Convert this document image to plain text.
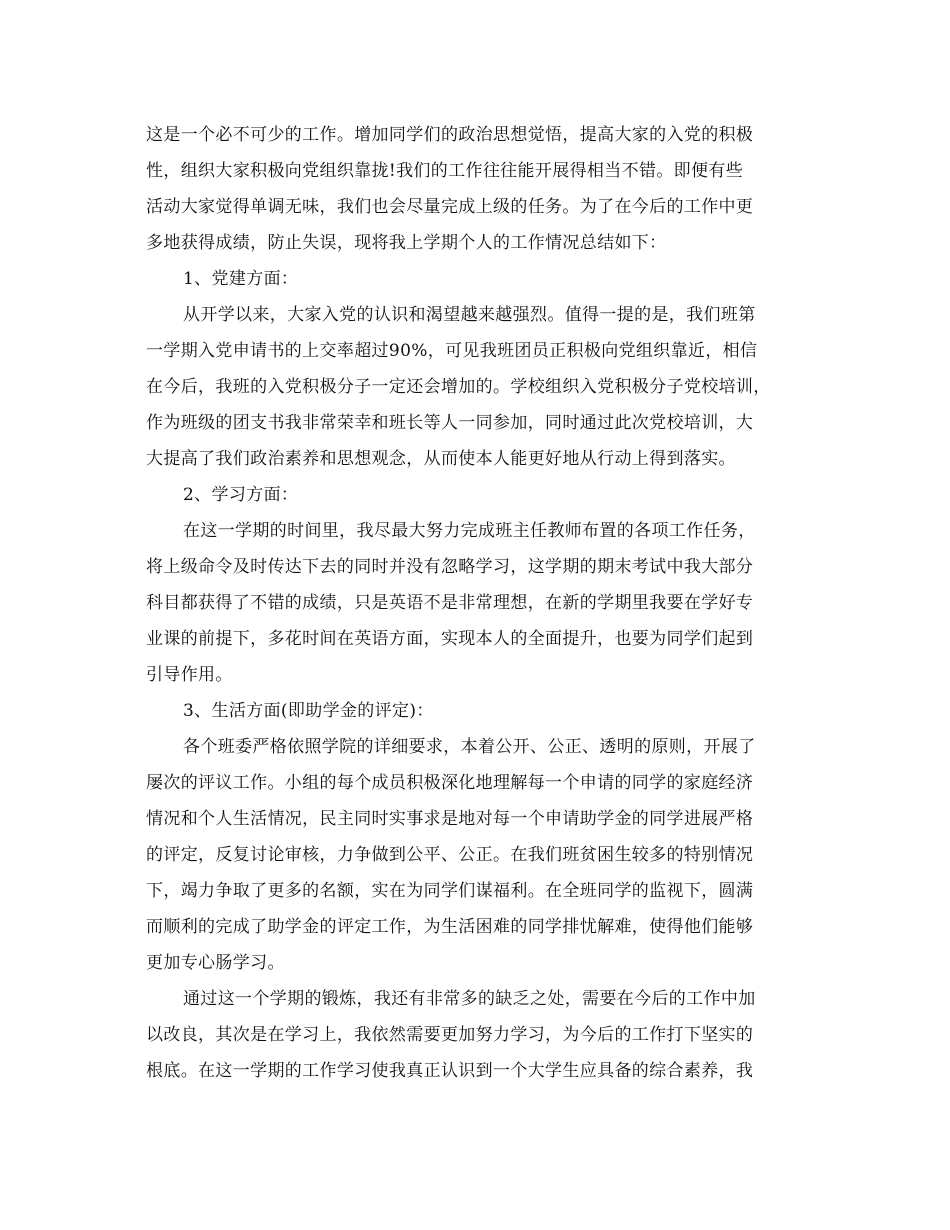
这是一个必不可少的工作。增加同学们的政治思想觉悟，提高大家的入党的积极
性，组织大家积极向党组织靠拢!我们的工作往往能开展得相当不错。即便有些
活动大家觉得单调无味，我们也会尽量完成上级的任务。为了在今后的工作中更
多地获得成绩，防止失误，现将我上学期个人的工作情况总结如下：
1、党建方面：
从开学以来，大家入党的认识和渴望越来越强烈。值得一提的是，我们班第
一学期入党申请书的上交率超过90%，可见我班团员正积极向党组织靠近，相信
在今后，我班的入党积极分子一定还会增加的。学校组织入党积极分子党校培训，
作为班级的团支书我非常荣幸和班长等人一同参加，同时通过此次党校培训，大
大提高了我们政治素养和思想观念，从而使本人能更好地从行动上得到落实。
2、学习方面：
在这一学期的时间里，我尽最大努力完成班主任教师布置的各项工作任务，
将上级命令及时传达下去的同时并没有忽略学习，这学期的期末考试中我大部分
科目都获得了不错的成绩，只是英语不是非常理想，在新的学期里我要在学好专
业课的前提下，多花时间在英语方面，实现本人的全面提升，也要为同学们起到
引导作用。
3、生活方面(即助学金的评定)：
各个班委严格依照学院的详细要求，本着公开、公正、透明的原则，开展了
屡次的评议工作。小组的每个成员积极深化地理解每一个申请的同学的家庭经济
情况和个人生活情况，民主同时实事求是地对每一个申请助学金的同学进展严格
的评定，反复讨论审核，力争做到公平、公正。在我们班贫困生较多的特别情况
下，竭力争取了更多的名额，实在为同学们谋福利。在全班同学的监视下，圆满
而顺利的完成了助学金的评定工作，为生活困难的同学排忧解难，使得他们能够
更加专心肠学习。
通过这一个学期的锻炼，我还有非常多的缺乏之处，需要在今后的工作中加
以改良，其次是在学习上，我依然需要更加努力学习，为今后的工作打下坚实的
根底。在这一学期的工作学习使我真正认识到一个大学生应具备的综合素养，我
